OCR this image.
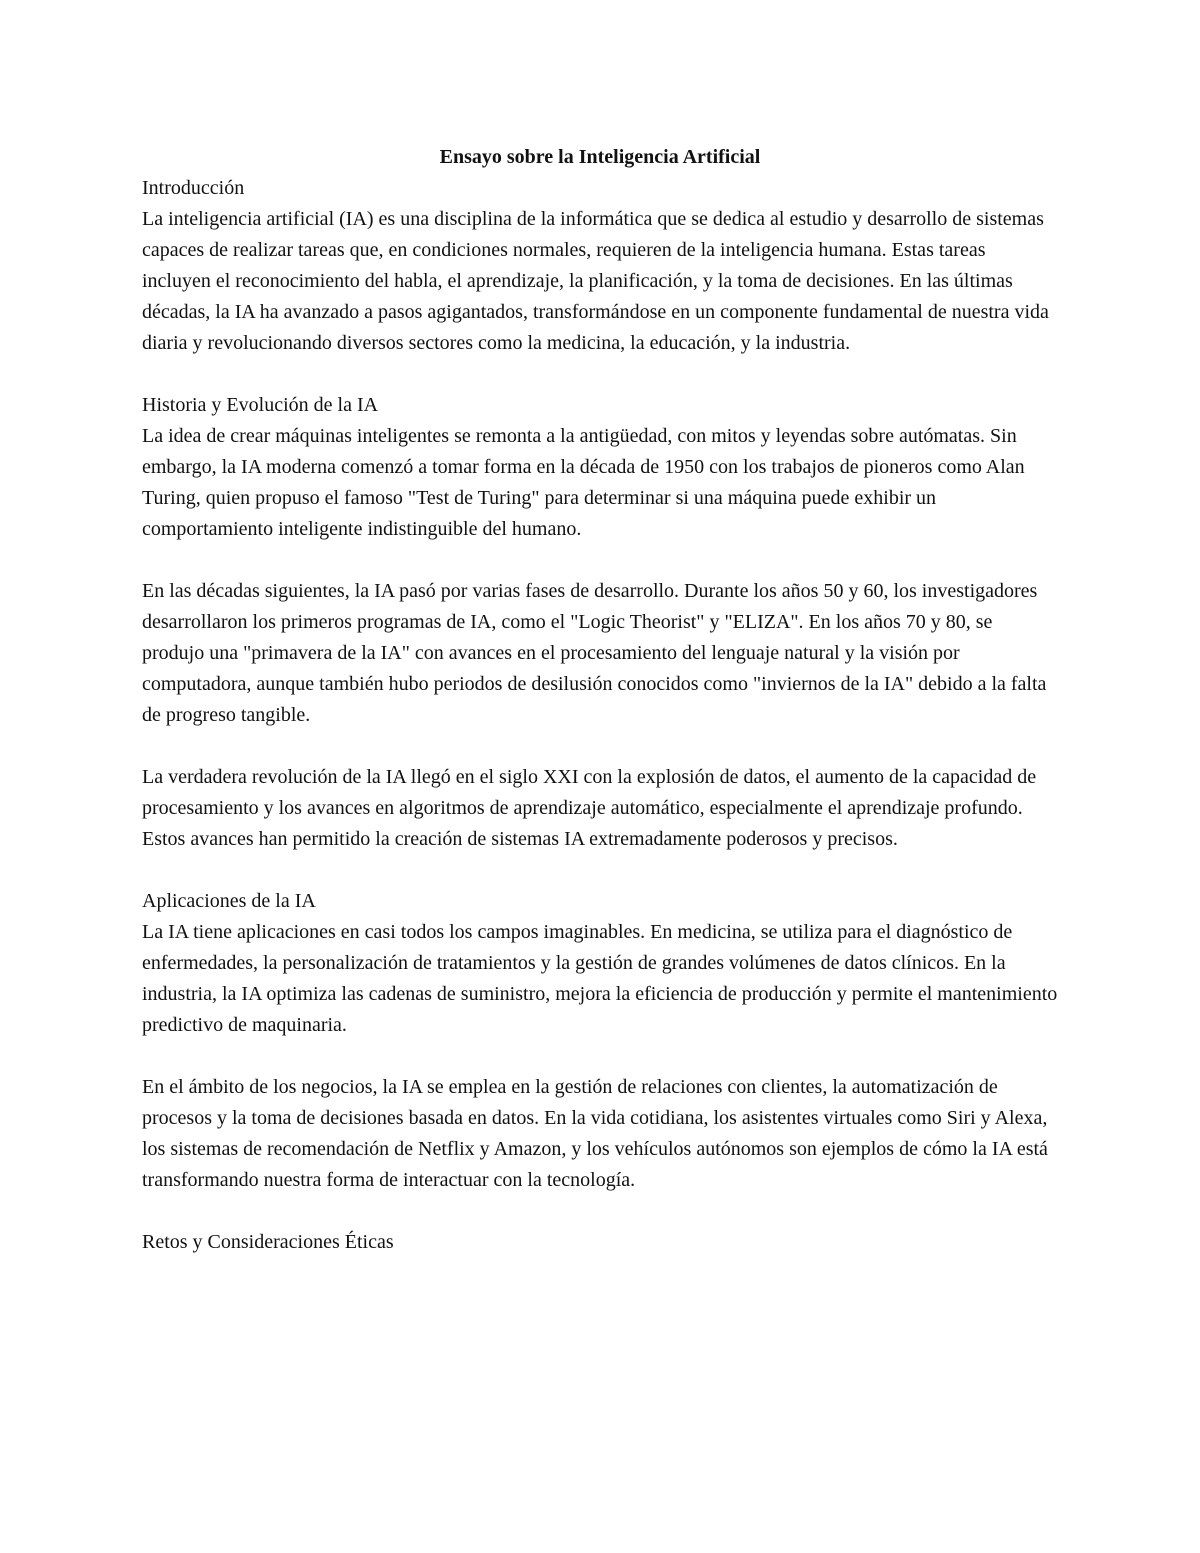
Ensayo sobre la Inteligencia Artificial

Introducción

La inteligencia artificial (IA) es una disciplina de la informática que se dedica al estudio y desarrollo de sistemas capaces de realizar tareas que, en condiciones normales, requieren de la inteligencia humana. Estas tareas incluyen el reconocimiento del habla, el aprendizaje, la planificación, y la toma de decisiones. En las últimas décadas, la IA ha avanzado a pasos agigantados, transformándose en un componente fundamental de nuestra vida diaria y revolucionando diversos sectores como la medicina, la educación, y la industria.

Historia y Evolución de la IA

La idea de crear máquinas inteligentes se remonta a la antigüedad, con mitos y leyendas sobre autómatas. Sin embargo, la IA moderna comenzó a tomar forma en la década de 1950 con los trabajos de pioneros como Alan Turing, quien propuso el famoso "Test de Turing" para determinar si una máquina puede exhibir un comportamiento inteligente indistinguible del humano.

En las décadas siguientes, la IA pasó por varias fases de desarrollo. Durante los años 50 y 60, los investigadores desarrollaron los primeros programas de IA, como el "Logic Theorist" y "ELIZA". En los años 70 y 80, se produjo una "primavera de la IA" con avances en el procesamiento del lenguaje natural y la visión por computadora, aunque también hubo periodos de desilusión conocidos como "inviernos de la IA" debido a la falta de progreso tangible.

La verdadera revolución de la IA llegó en el siglo XXI con la explosión de datos, el aumento de la capacidad de procesamiento y los avances en algoritmos de aprendizaje automático, especialmente el aprendizaje profundo. Estos avances han permitido la creación de sistemas IA extremadamente poderosos y precisos.

Aplicaciones de la IA

La IA tiene aplicaciones en casi todos los campos imaginables. En medicina, se utiliza para el diagnóstico de enfermedades, la personalización de tratamientos y la gestión de grandes volúmenes de datos clínicos. En la industria, la IA optimiza las cadenas de suministro, mejora la eficiencia de producción y permite el mantenimiento predictivo de maquinaria.

En el ámbito de los negocios, la IA se emplea en la gestión de relaciones con clientes, la automatización de procesos y la toma de decisiones basada en datos. En la vida cotidiana, los asistentes virtuales como Siri y Alexa, los sistemas de recomendación de Netflix y Amazon, y los vehículos autónomos son ejemplos de cómo la IA está transformando nuestra forma de interactuar con la tecnología.

Retos y Consideraciones Éticas
